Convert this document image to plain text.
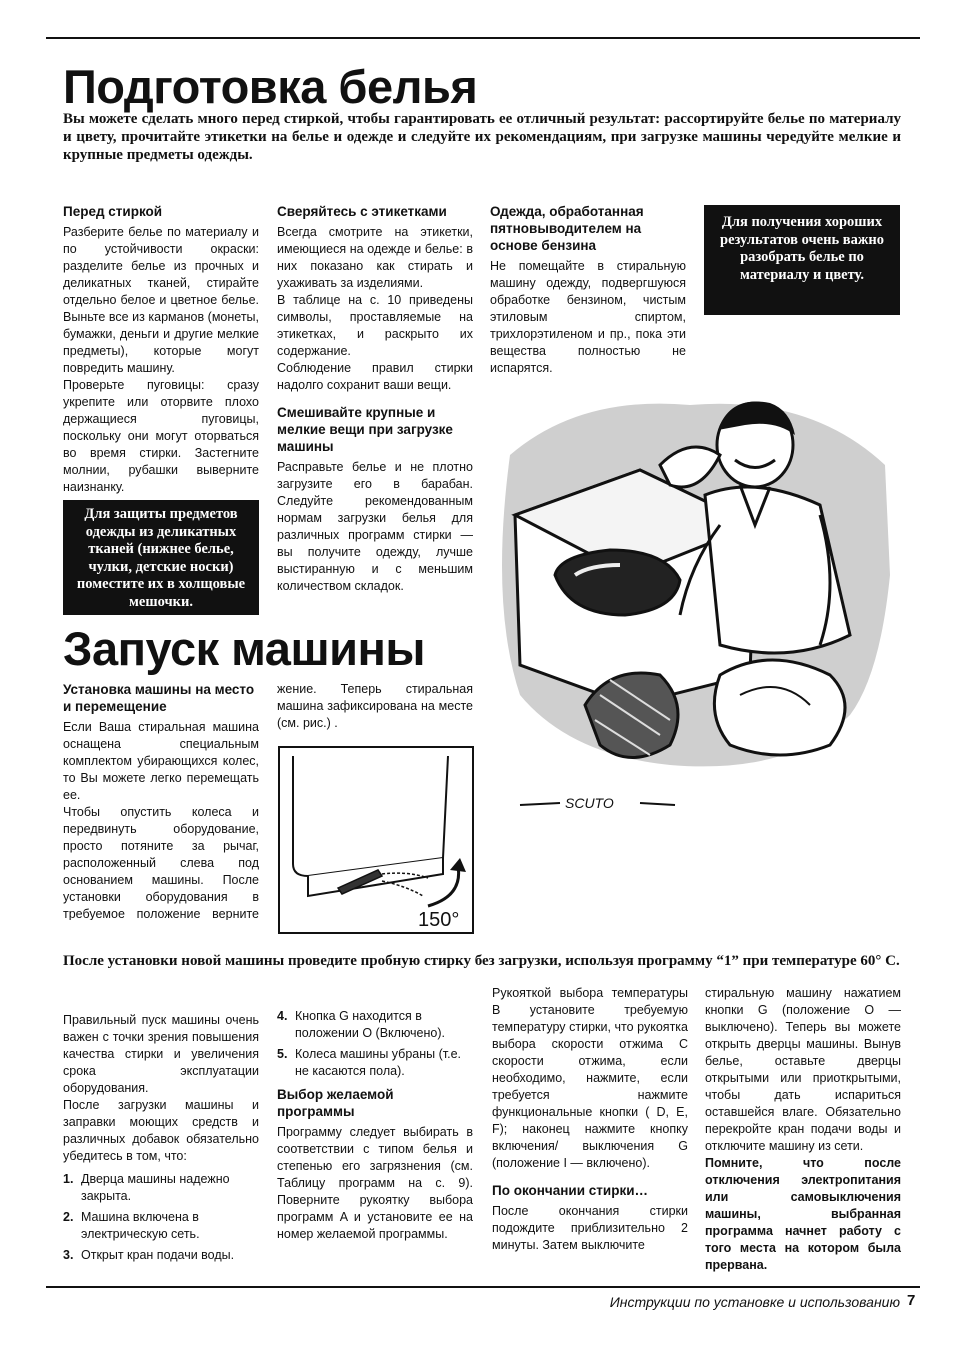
Подготовка белья
Вы можете сделать много перед стиркой, чтобы гарантировать ее отличный результат: рассортируйте белье по материалу и цвету, прочитайте этикетки на белье и одежде и следуйте их рекомендациям, при загрузке машины чередуйте мелкие и крупные предметы одежды.
Перед стиркой

Разберите белье по материалу и по устойчивости окраски: разделите белье из прочных и деликатных тканей, стирайте отдельно белое и цветное белье. Выньте все из карманов (монеты, бумажки, деньги и другие мелкие предметы), которые могут повредить машину.

Проверьте пуговицы: сразу укрепите или оторвите плохо держащиеся пуговицы, поскольку они могут оторваться во время стирки. Застегните молнии, рубашки выверните наизнанку.

Для защиты предметов одежды из деликатных тканей (нижнее белье, чулки, детские носки) поместите их в холщовые мешочки.
Сверяйтесь с этикетками

Всегда смотрите на этикетки, имеющиеся на одежде и белье: в них показано как стирать и ухаживать за изделиями.

В таблице на с. 10 приведены символы, проставляемые на этикетках, и раскрыто их содержание.

Соблюдение правил стирки надолго сохранит ваши вещи.

Смешивайте крупные и мелкие вещи при загрузке машины

Расправьте белье и не плотно загрузите его в барабан. Следуйте рекомендованным нормам загрузки белья для различных программ стирки — вы получите одежду, лучше выстиранную и с меньшим количеством складок.

Одежда, обработанная пятновыводителем на основе бензина

Не помещайте в стиральную машину одежду, подвергшуюся обработке бензином, чистым этиловым спиртом, трихлорэтиленом и пр., пока эти вещества полностью не испарятся.

Для получения хороших результатов очень важно разобрать белье по материалу и цвету.
SCUTO
Запуск машины
Установка машины на место и перемещение

Если Ваша стиральная машина оснащена специальным комплектом убирающихся колес, то Вы можете легко перемещать ее.

Чтобы опустить колеса и передвинуть оборудование, просто потяните за рычаг, расположенный слева под основанием машины. После установки оборудования в требуемое положение верните

жение. Теперь стиральная машина зафиксирована на месте (см. рис.) .

150°
После установки новой машины проведите пробную стирку без загрузки, используя программу “1” при температуре 60° С.

Правильный пуск машины очень важен с точки зрения повышения качества стирки и увеличения срока эксплуатации оборудования.

После загрузки машины и заправки моющих средств и различных добавок обязательно убедитесь в том, что:

1. Дверца машины надежно закрыта.
2. Машина включена в электрическую сеть.
3. Открыт кран подачи воды.
4. Кнопка G находится в положении O (Включено).
5. Колеса машины убраны (т.е. не касаются пола).
Выбор желаемой программы

Программу следует выбирать в соответствии с типом белья и степенью его загрязнения (см. Таблицу программ на с. 9). Поверните рукоятку выбора программ A и установите ее на номер желаемой программы.

Рукояткой выбора температуры B установите требуемую температуру стирки, что рукоятка выбора скорости отжима C скорости отжима, если необходимо, нажмите, если требуется нажмите функциональные кнопки ( D, E, F); наконец нажмите кнопку включения/ выключения G (положение I — включено).

По окончании стирки…

После окончания стирки подождите приблизительно 2 минуты. Затем выключите

стиральную машину нажатием кнопки G (положение O — выключено). Теперь вы можете открыть дверцы машины. Вынув белье, оставьте дверцы открытыми или приоткрытыми, чтобы дать испариться оставшейся влаге. Обязательно перекройте кран подачи воды и отключите машину из сети.

Помните, что после отключения электропитания или самовыключения машины, выбранная программа начнет работу с того места на котором была прервана.

Инструкции по установке и использованию 7
